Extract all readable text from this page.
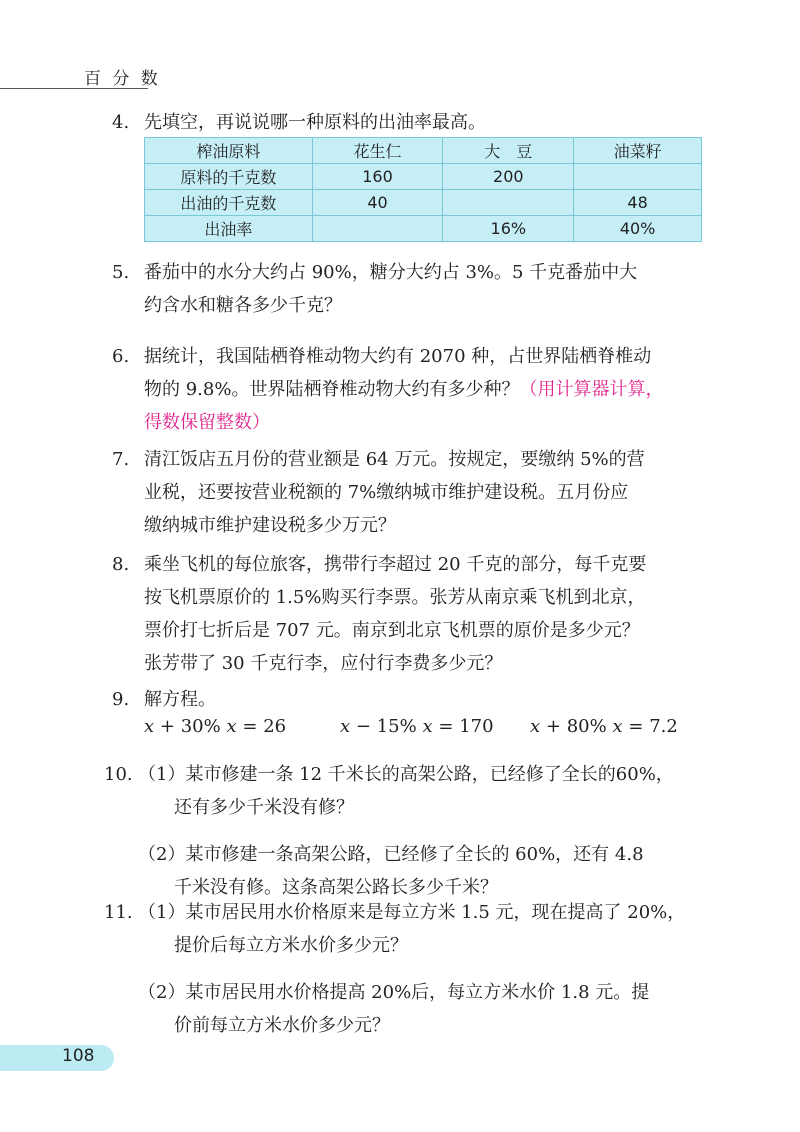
百 分 数
4. 先填空，再说说哪一种原料的出油率最高。
榨油原料	花生仁	大　豆	油菜籽
原料的千克数	160	200	
出油的千克数	40		48
出油率		16%	40%
5. 番茄中的水分大约占 90%，糖分大约占 3%。5 千克番茄中大
约含水和糖各多少千克？
6. 据统计，我国陆栖脊椎动物大约有 2070 种，占世界陆栖脊椎动
物的 9.8%。世界陆栖脊椎动物大约有多少种？（用计算器计算，
得数保留整数）
7. 清江饭店五月份的营业额是 64 万元。按规定，要缴纳 5%的营
业税，还要按营业税额的 7%缴纳城市维护建设税。五月份应
缴纳城市维护建设税多少万元？
8. 乘坐飞机的每位旅客，携带行李超过 20 千克的部分，每千克要
按飞机票原价的 1.5%购买行李票。张芳从南京乘飞机到北京，
票价打七折后是 707 元。南京到北京飞机票的原价是多少元？
张芳带了 30 千克行李，应付行李费多少元？
9. 解方程。
x + 30% x = 26	x − 15% x = 170 x + 80% x = 7.2
10. （1）某市修建一条 12 千米长的高架公路，已经修了全长的60%，
还有多少千米没有修？
（2）某市修建一条高架公路，已经修了全长的 60%，还有 4.8
千米没有修。这条高架公路长多少千米？
11. （1）某市居民用水价格原来是每立方米 1.5 元，现在提高了 20%，
提价后每立方米水价多少元？
（2）某市居民用水价格提高 20%后，每立方米水价 1.8 元。提
价前每立方米水价多少元？
108
